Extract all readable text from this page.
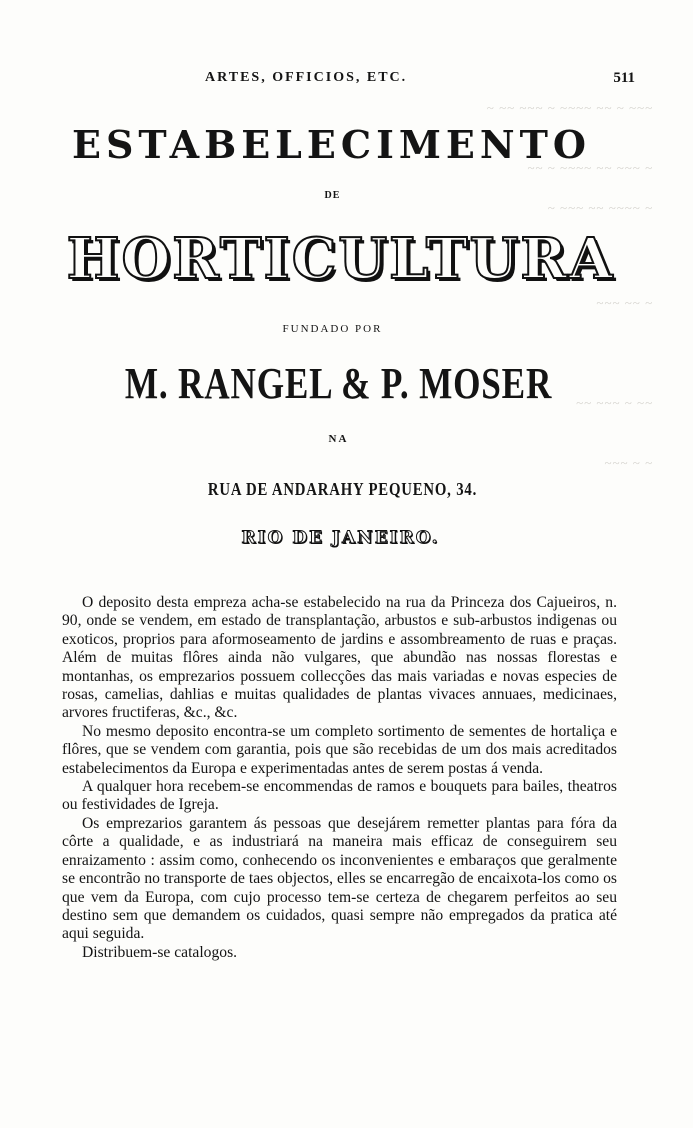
~ ~~ ~~~ ~ ~~~~ ~~ ~ ~~~
~~ ~ ~~~~ ~~ ~~~ ~
~ ~~~ ~~ ~~~~ ~
~~~ ~~ ~
~~ ~~~ ~ ~~
~~~ ~ ~
ARTES, OFFICIOS, ETC.	511
ESTABELECIMENTO
DE
HORTICULTURA
FUNDADO POR
M. RANGEL & P. MOSER
NA
RUA DE ANDARAHY PEQUENO, 34.
RIO DE JANEIRO.

O deposito desta empreza acha-se estabelecido na rua da Princeza dos Cajueiros, n. 90, onde se vendem, em estado de transplantação, arbustos e sub-arbustos indigenas ou exoticos, proprios para aformoseamento de jardins e assombreamento de ruas e praças. Além de muitas flôres ainda não vulgares, que abundão nas nossas florestas e montanhas, os emprezarios possuem collecções das mais variadas e novas especies de rosas, camelias, dahlias e muitas qualidades de plantas vivaces annuaes, medicinaes, arvores fructiferas, &c., &c.

No mesmo deposito encontra-se um completo sortimento de sementes de hortaliça e flôres, que se vendem com garantia, pois que são recebidas de um dos mais acreditados estabelecimentos da Europa e experimentadas antes de serem postas á venda.

A qualquer hora recebem-se encommendas de ramos e bouquets para bailes, theatros ou festividades de Igreja.

Os emprezarios garantem ás pessoas que desejárem remetter plantas para fóra da côrte a qualidade, e as industriará na maneira mais efficaz de conseguirem seu enraizamento : assim como, conhecendo os inconvenientes e embaraços que geralmente se encontrão no transporte de taes objectos, elles se encarregão de encaixota-los como os que vem da Europa, com cujo processo tem-se certeza de chegarem perfeitos ao seu destino sem que demandem os cuidados, quasi sempre não empregados da pratica até aqui seguida.

Distribuem-se catalogos.
